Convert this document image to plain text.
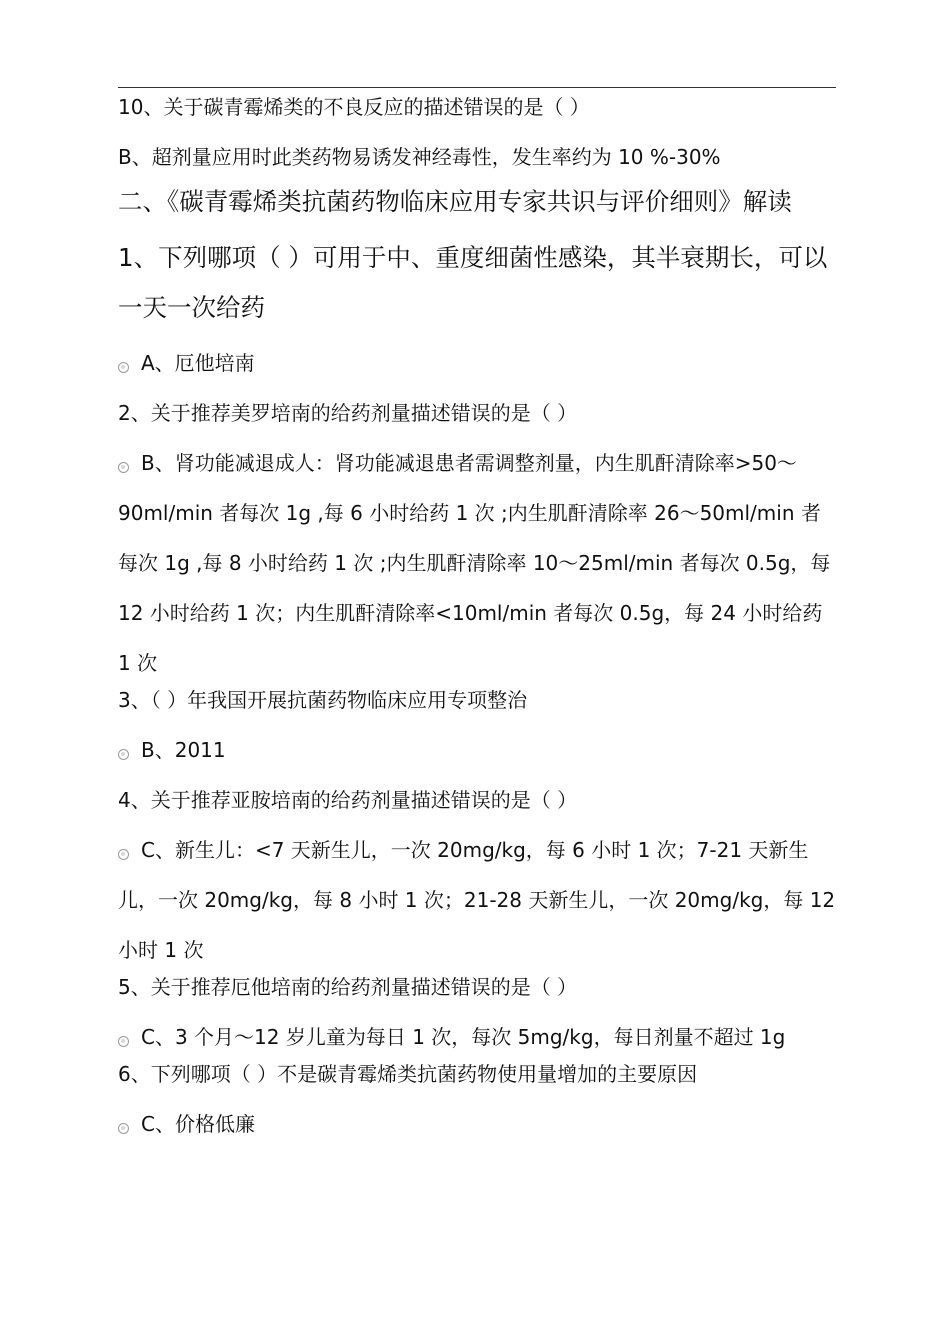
10、关于碳青霉烯类的不良反应的描述错误的是（ ）
B、超剂量应用时此类药物易诱发神经毒性，发生率约为 10 %-30%
二、《碳青霉烯类抗菌药物临床应用专家共识与评价细则》解读
1、下列哪项（ ）可用于中、重度细菌性感染，其半衰期长，可以一天一次给药
A、厄他培南
2、关于推荐美罗培南的给药剂量描述错误的是（ ）
B、肾功能减退成人：肾功能减退患者需调整剂量，内生肌酐清除率>50～90ml/min 者每次 1g ,每 6 小时给药 1 次 ;内生肌酐清除率 26～50ml/min 者每次 1g ,每 8 小时给药 1 次 ;内生肌酐清除率 10～25ml/min 者每次 0.5g，每 12 小时给药 1 次；内生肌酐清除率<10ml/min 者每次 0.5g，每 24 小时给药 1 次
3、（ ）年我国开展抗菌药物临床应用专项整治
B、2011
4、关于推荐亚胺培南的给药剂量描述错误的是（ ）
C、新生儿：<7 天新生儿，一次 20mg/kg，每 6 小时 1 次；7-21 天新生儿，一次 20mg/kg，每 8 小时 1 次；21-28 天新生儿，一次 20mg/kg，每 12 小时 1 次
5、关于推荐厄他培南的给药剂量描述错误的是（ ）
C、3 个月～12 岁儿童为每日 1 次，每次 5mg/kg，每日剂量不超过 1g
6、下列哪项（ ）不是碳青霉烯类抗菌药物使用量增加的主要原因
C、价格低廉
